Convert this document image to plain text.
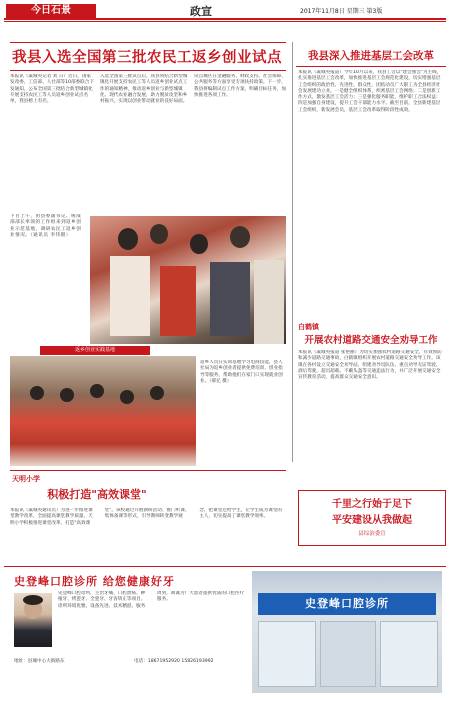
今日石景	政宣	2017年11月8日 星期三 第3版
我县入选全国第三批农民工返乡创业试点
本报讯（戚城英记者 刘 日）近日，国家发改委、工信部、人社部等10部委联合下发通知，公布全国第三批结合新型城镇化开展支持农民工等人员返乡创业试点名单，我县榜上有名。
入选全国第三批试点后，我县将结合新型城镇化开展支持农民工等人员返乡创业试点工作的通知精神，推动返乡创业与新型城镇化、现代农业融合发展，助力脱贫攻坚和乡村振兴，实现以创业带动就业的良好局面。
试点城区在金融服务、财政支持、社会保障、公共服务等方面享受专项扶持政策。下一步，我县将编制试点工作方案，明确目标任务，加快推进各项工作。
下目上午，由县委副书记、统战部部长率领的工作组来到返乡创业示范基地，调研农民工返乡创业情况。（通讯员 李伟摄）
返乡创业实践基地
返乡人员在实训基地学习电商技能，县人社局为返乡创业者提供免费培训、创业指导等服务，帮助他们在家门口实现就业创业。（郝亿 摄）
我县深入推进基层工会改革
本报讯（戚城英报道）今年10月以来，我县工会以"建会强会"为主线，扎实推进基层工会改革，加快推进基层工会规范化建设，切实增强基层工会组织的政治性、先进性、群众性，团结动员广大职工为全县经济社会发展建功立业。一是健全组织体系，织密基层工会网络；二是创新工作方式，激发基层工会活力；三是强化服务职能，维护职工合法权益；四是加强自身建设，提升工会干部能力水平。截至目前，全县新建基层工会组织，新发展会员，基层工会改革取得阶段性成效。
白鹤镇
开展农村道路交通安全劝导工作
本报讯（戚城英报道 张艳丽）为切实加强农村道路交通安全，有效预防和减少道路交通事故，白鹤镇组织开展农村道路交通安全劝导工作。该镇在各村设立交通安全劝导站，组建劝导员队伍，重点劝导无证驾驶、酒后驾驶、超员超载、不戴头盔等交通违法行为，并广泛开展交通安全宣传教育活动，提高群众交通安全意识。
千里之行始于足下
平安建设从我做起
县综治委宣
天明小学
积极打造"高效课堂"
本报讯（戚城英通讯员）为进一步推进课堂教学改革，全面提高课堂教学质量，天明小学积极推进课堂改革，打造"高效课堂"。该校通过开展教研活动、推门听课、集体备课等形式，引导教师转变教学观念，把课堂还给学生，让学生成为课堂的主人，切实提高了课堂教学效率。
史登峰口腔诊所 给您健康好牙
史登峰口腔诊所，主治牙痛、口腔溃疡、种植牙、烤瓷牙、全瓷牙、牙齿矫正等项目。诊所环境优雅、设备先进、技术精湛、服务周到，竭诚为广大患者提供优质的口腔医疗服务。
地址：县城中心大街路东	电话：18671952920 15826193992
史登峰口腔诊所
